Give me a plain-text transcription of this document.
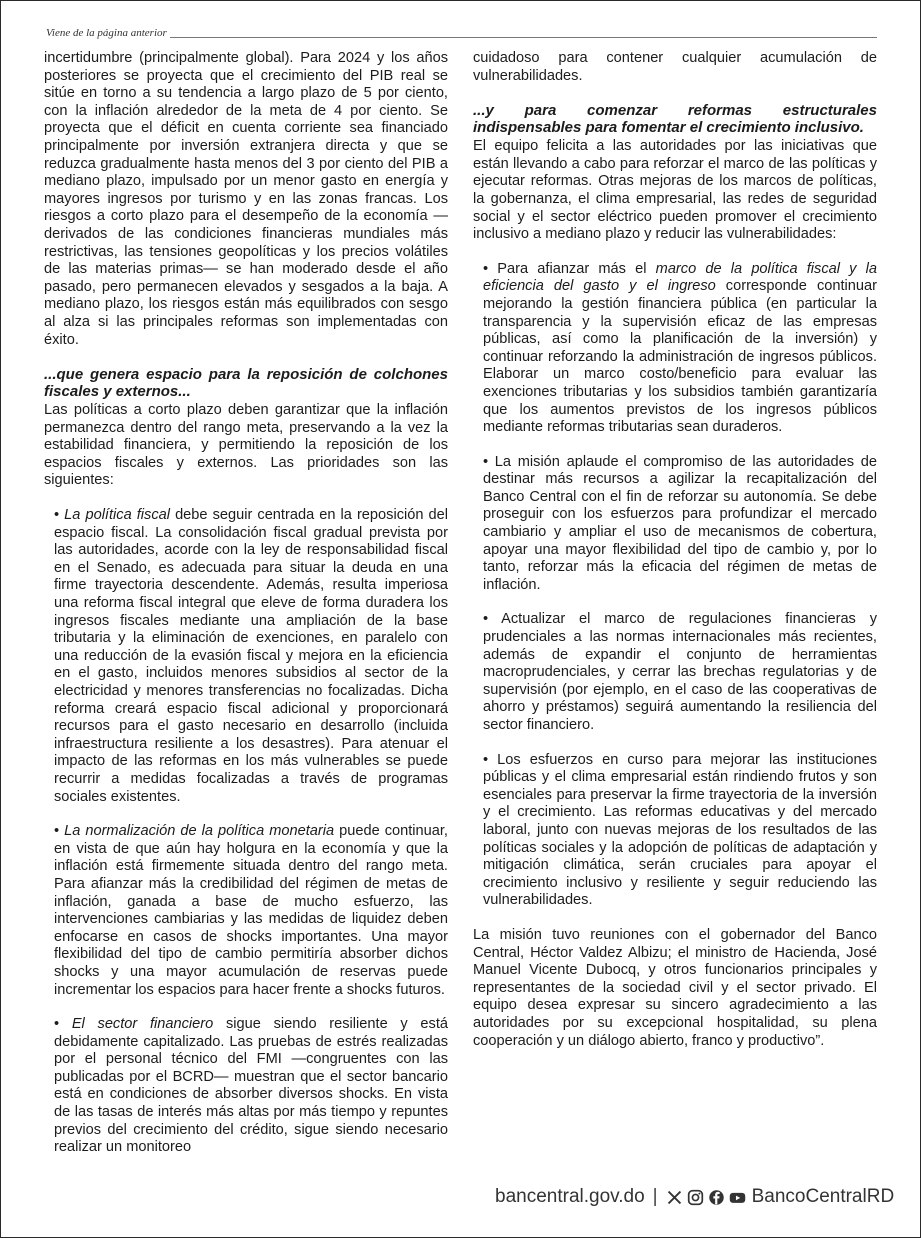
Viene de la página anterior

incertidumbre (principalmente global). Para 2024 y los años posteriores se proyecta que el crecimiento del PIB real se sitúe en torno a su tendencia a largo plazo de 5 por ciento, con la inflación alrededor de la meta de 4 por ciento. Se proyecta que el déficit en cuenta corriente sea financiado principalmente por inversión extranjera directa y que se reduzca gradualmente hasta menos del 3 por ciento del PIB a mediano plazo, impulsado por un menor gasto en energía y mayores ingresos por turismo y en las zonas francas. Los riesgos a corto plazo para el desempeño de la economía — derivados de las condiciones financieras mundiales más restrictivas, las tensiones geopolíticas y los precios volátiles de las materias primas— se han moderado desde el año pasado, pero permanecen elevados y sesgados a la baja. A mediano plazo, los riesgos están más equilibrados con sesgo al alza si las principales reformas son implementadas con éxito.

...que genera espacio para la reposición de colchones fiscales y externos...

Las políticas a corto plazo deben garantizar que la inflación permanezca dentro del rango meta, preservando a la vez la estabilidad financiera, y permitiendo la reposición de los espacios fiscales y externos. Las prioridades son las siguientes:

• La política fiscal debe seguir centrada en la reposición del espacio fiscal. La consolidación fiscal gradual prevista por las autoridades, acorde con la ley de responsabilidad fiscal en el Senado, es adecuada para situar la deuda en una firme trayectoria descendente. Además, resulta imperiosa una reforma fiscal integral que eleve de forma duradera los ingresos fiscales mediante una ampliación de la base tributaria y la eliminación de exenciones, en paralelo con una reducción de la evasión fiscal y mejora en la eficiencia en el gasto, incluidos menores subsidios al sector de la electricidad y menores transferencias no focalizadas. Dicha reforma creará espacio fiscal adicional y proporcionará recursos para el gasto necesario en desarrollo (incluida infraestructura resiliente a los desastres). Para atenuar el impacto de las reformas en los más vulnerables se puede recurrir a medidas focalizadas a través de programas sociales existentes.

• La normalización de la política monetaria puede continuar, en vista de que aún hay holgura en la economía y que la inflación está firmemente situada dentro del rango meta. Para afianzar más la credibilidad del régimen de metas de inflación, ganada a base de mucho esfuerzo, las intervenciones cambiarias y las medidas de liquidez deben enfocarse en casos de shocks importantes. Una mayor flexibilidad del tipo de cambio permitiría absorber dichos shocks y una mayor acumulación de reservas puede incrementar los espacios para hacer frente a shocks futuros.

• El sector financiero sigue siendo resiliente y está debidamente capitalizado. Las pruebas de estrés realizadas por el personal técnico del FMI —congruentes con las publicadas por el BCRD— muestran que el sector bancario está en condiciones de absorber diversos shocks. En vista de las tasas de interés más altas por más tiempo y repuntes previos del crecimiento del crédito, sigue siendo necesario realizar un monitoreo

cuidadoso para contener cualquier acumulación de vulnerabilidades.

...y para comenzar reformas estructurales indispensables para fomentar el crecimiento inclusivo.

El equipo felicita a las autoridades por las iniciativas que están llevando a cabo para reforzar el marco de las políticas y ejecutar reformas. Otras mejoras de los marcos de políticas, la gobernanza, el clima empresarial, las redes de seguridad social y el sector eléctrico pueden promover el crecimiento inclusivo a mediano plazo y reducir las vulnerabilidades:

• Para afianzar más el marco de la política fiscal y la eficiencia del gasto y el ingreso corresponde continuar mejorando la gestión financiera pública (en particular la transparencia y la supervisión eficaz de las empresas públicas, así como la planificación de la inversión) y continuar reforzando la administración de ingresos públicos. Elaborar un marco costo/beneficio para evaluar las exenciones tributarias y los subsidios también garantizaría que los aumentos previstos de los ingresos públicos mediante reformas tributarias sean duraderos.

• La misión aplaude el compromiso de las autoridades de destinar más recursos a agilizar la recapitalización del Banco Central con el fin de reforzar su autonomía. Se debe proseguir con los esfuerzos para profundizar el mercado cambiario y ampliar el uso de mecanismos de cobertura, apoyar una mayor flexibilidad del tipo de cambio y, por lo tanto, reforzar más la eficacia del régimen de metas de inflación.

• Actualizar el marco de regulaciones financieras y prudenciales a las normas internacionales más recientes, además de expandir el conjunto de herramientas macroprudenciales, y cerrar las brechas regulatorias y de supervisión (por ejemplo, en el caso de las cooperativas de ahorro y préstamos) seguirá aumentando la resiliencia del sector financiero.

• Los esfuerzos en curso para mejorar las instituciones públicas y el clima empresarial están rindiendo frutos y son esenciales para preservar la firme trayectoria de la inversión y el crecimiento. Las reformas educativas y del mercado laboral, junto con nuevas mejoras de los resultados de las políticas sociales y la adopción de políticas de adaptación y mitigación climática, serán cruciales para apoyar el crecimiento inclusivo y resiliente y seguir reduciendo las vulnerabilidades.

La misión tuvo reuniones con el gobernador del Banco Central, Héctor Valdez Albizu; el ministro de Hacienda, José Manuel Vicente Dubocq, y otros funcionarios principales y representantes de la sociedad civil y el sector privado. El equipo desea expresar su sincero agradecimiento a las autoridades por su excepcional hospitalidad, su plena cooperación y un diálogo abierto, franco y productivo”.

bancentral.gov.do |	BancoCentralRD
